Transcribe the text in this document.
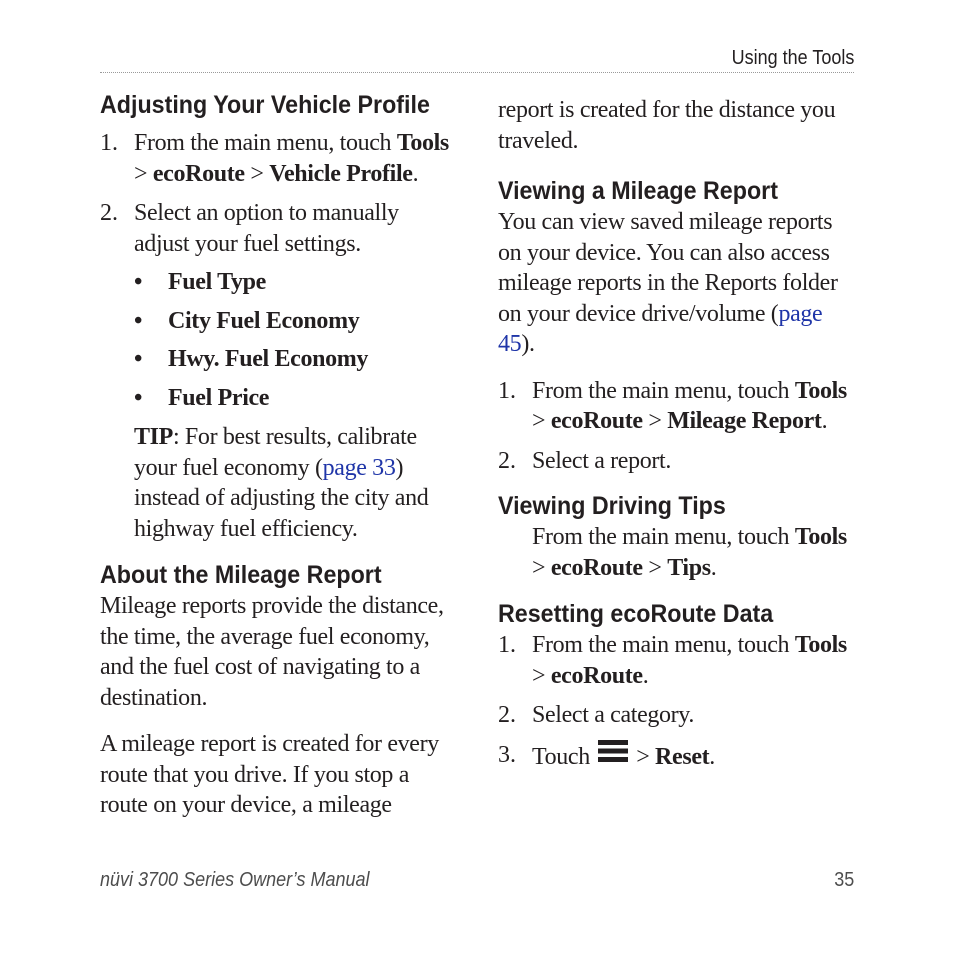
Using the Tools
Adjusting Your Vehicle Profile
1. From the main menu, touch Tools > ecoRoute > Vehicle Profile.
2. Select an option to manually adjust your fuel settings.
•	Fuel Type
•	City Fuel Economy
•	Hwy. Fuel Economy
•	Fuel Price

TIP: For best results, calibrate your fuel economy (page 33) instead of adjusting the city and highway fuel efficiency.

About the Mileage Report

Mileage reports provide the distance, the time, the average fuel economy, and the fuel cost of navigating to a destination.

A mileage report is created for every route that you drive. If you stop a route on your device, a mileage

report is created for the distance you traveled.

Viewing a Mileage Report

You can view saved mileage reports on your device. You can also access mileage reports in the Reports folder on your device drive/volume (page 45).

1. From the main menu, touch Tools > ecoRoute > Mileage Report.
2. Select a report.
Viewing Driving Tips

From the main menu, touch Tools > ecoRoute > Tips.

Resetting ecoRoute Data
1. From the main menu, touch Tools > ecoRoute.
2. Select a category.
3. Touch  > Reset.
nüvi 3700 Series Owner’s Manual	35
